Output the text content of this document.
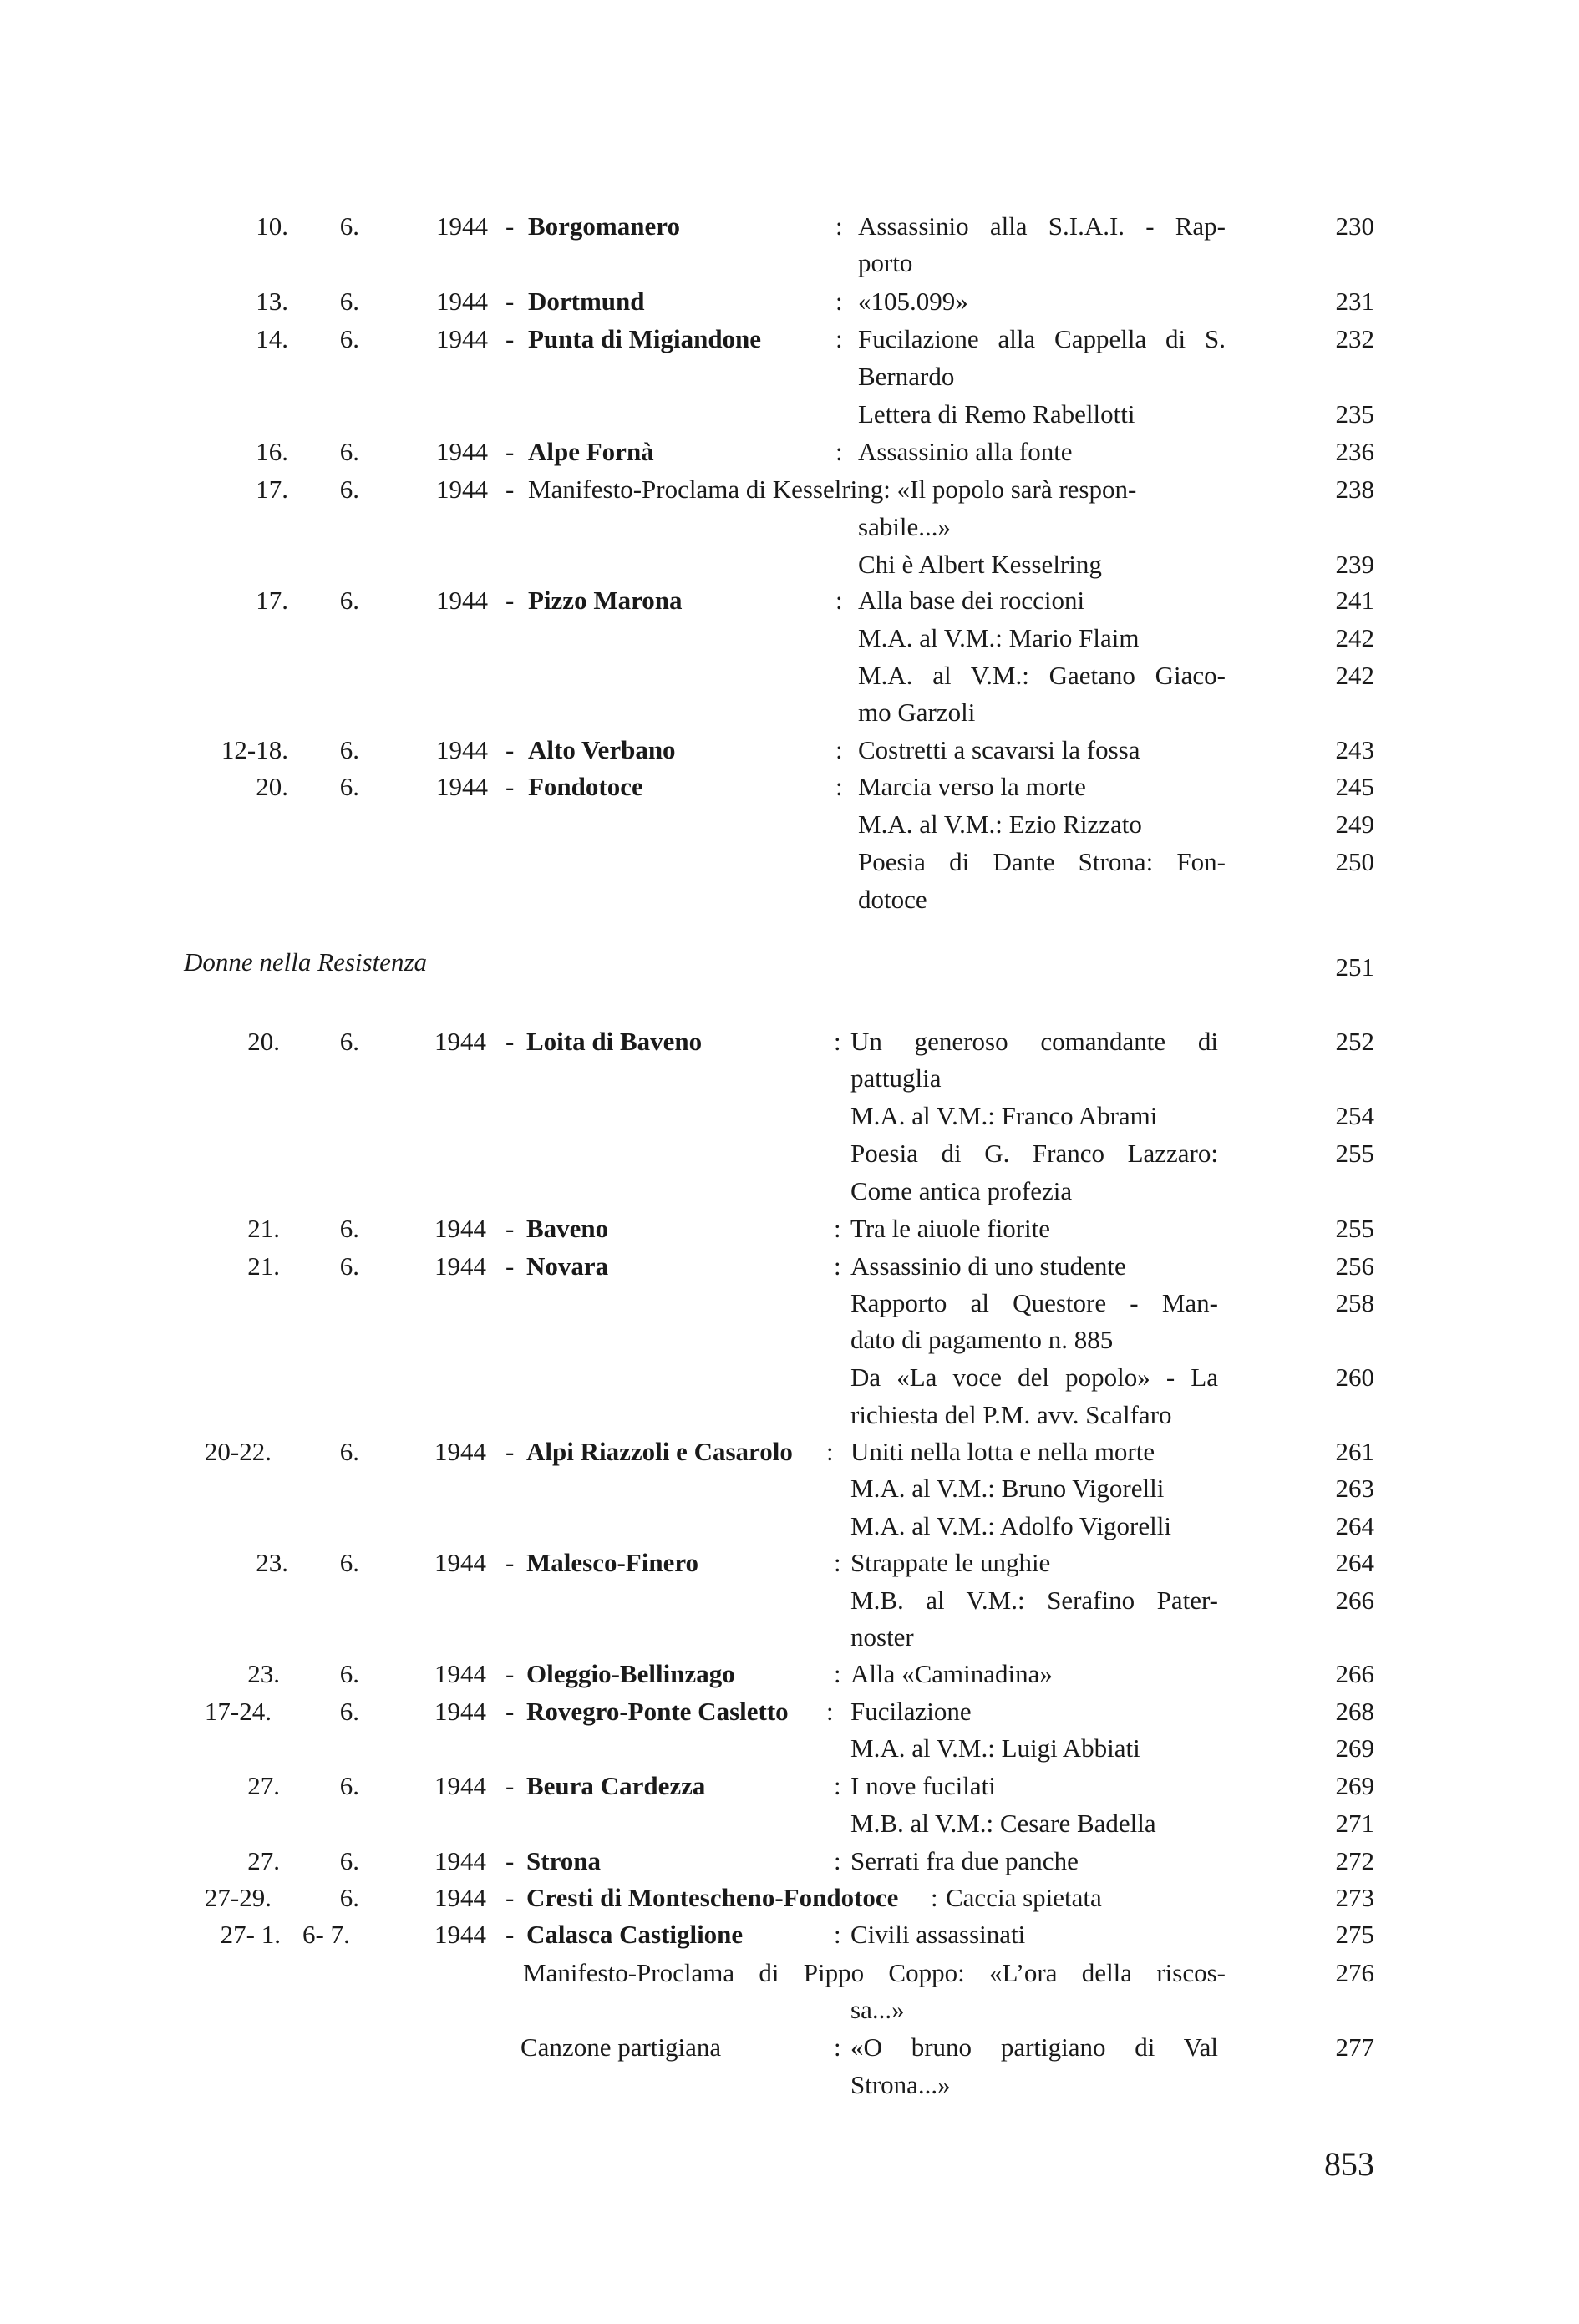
10. 6.	1944 - Borgomanero	: Assassinio alla S.I.A.I. - Rap-	230
porto
13. 6.	1944 - Dortmund	: «105.099»	231
14. 6.	1944 - Punta di Migiandone	: Fucilazione alla Cappella di S.	232
Bernardo
Lettera di Remo Rabellotti	235
16. 6.	1944 - Alpe Fornà	: Assassinio alla fonte	236
17. 6.	1944 - Manifesto-Proclama di Kesselring: «Il popolo sarà respon-	238
sabile...»
Chi è Albert Kesselring	239
17. 6.	1944 - Pizzo Marona	: Alla base dei roccioni	241
M.A. al V.M.: Mario Flaim	242
M.A. al V.M.: Gaetano Giaco-	242
mo Garzoli
12-18. 6.	1944 - Alto Verbano	: Costretti a scavarsi la fossa	243
20. 6.	1944 - Fondotoce	: Marcia verso la morte	245
M.A. al V.M.: Ezio Rizzato	249
Poesia di Dante Strona: Fon-	250
dotoce
Donne nella Resistenza	251
20. 6.	1944 - Loita di Baveno	: Un generoso comandante di	252
pattuglia
M.A. al V.M.: Franco Abrami	254
Poesia di G. Franco Lazzaro:	255
Come antica profezia
21. 6.	1944 - Baveno	: Tra le aiuole fiorite	255
21. 6.	1944 - Novara	: Assassinio di uno studente	256
Rapporto al Questore - Man-	258
dato di pagamento n. 885
Da «La voce del popolo» - La	260
richiesta del P.M. avv. Scalfaro
20-22.	6.	1944 - Alpi Riazzoli e Casarolo : Uniti nella lotta e nella morte	261
M.A. al V.M.: Bruno Vigorelli	263
M.A. al V.M.: Adolfo Vigorelli	264
23. 6.	1944 - Malesco-Finero	: Strappate le unghie	264
M.B. al V.M.: Serafino Pater-	266
noster
23. 6.	1944 - Oleggio-Bellinzago	: Alla «Caminadina»	266
17-24.	6.	1944 - Rovegro-Ponte Casletto : Fucilazione	268
M.A. al V.M.: Luigi Abbiati	269
27. 6.	1944 - Beura Cardezza	: I nove fucilati	269
M.B. al V.M.: Cesare Badella	271
27. 6.	1944 - Strona	: Serrati fra due panche	272
27-29.	6.	1944 - Cresti di Montescheno-Fondotoce : Caccia spietata	273
27- 1. 6- 7.	1944 - Calasca Castiglione	: Civili assassinati	275
Manifesto-Proclama di Pippo Coppo: «L’ora della riscos-	276
sa...»
Canzone partigiana	: «O bruno partigiano di Val	277
Strona...»
853
